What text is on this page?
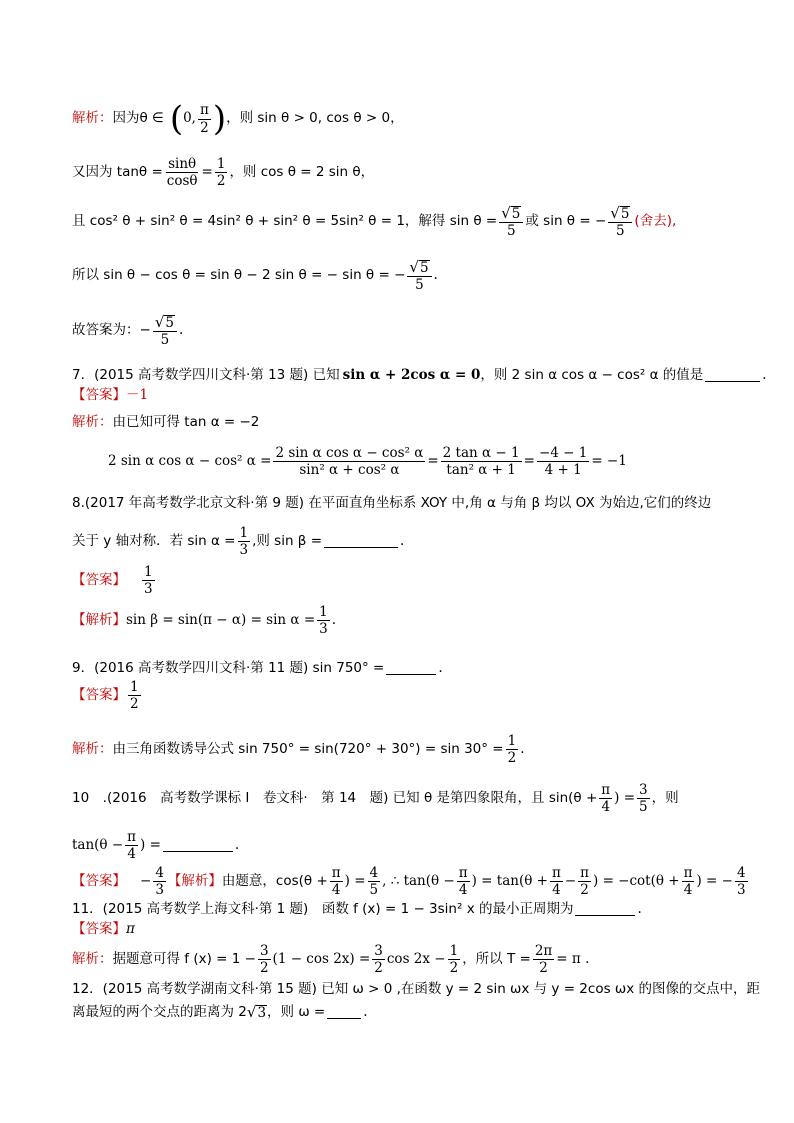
解析： 因为θ ∈ ( 0, $\frac{\pi}{2}$ ) ，则 sin θ > 0, cos θ > 0，
又因为 $\tan\theta = \frac{\sin\theta}{\cos\theta} = \frac{1}{2}$ ，则 cos θ = 2 sin θ，
且 cos² θ + sin² θ = 4sin² θ + sin² θ = 5sin² θ = 1，解得 $\sin \theta = \frac{√ 5}{5}$ 或 sin θ = − $\frac{√ 5}{5}$ (舍去),
所以 sin θ − cos θ = sin θ − 2 sin θ = − sin θ = − $\frac{√ 5}{5}$ .
故答案为：− $\frac{√ 5}{5}$ .
7．(2015 高考数学四川文科·第 13 题) 已知 sin α + 2cos α = 0 ，则 2 sin α cos α − cos² α 的值是	.
【答案】 －1
解析： 由已知可得 tan α = −2
2 sin α cos α − cos² $\alpha = \frac{\text{2 sin α cos α − cos² α}}{\text{sin² α + cos² α}} = \frac{\text{2 tan α − 1}}{\text{tan² α + 1}} = \frac{-4 - 1}{4 + 1} = -1$
8.(2017 年高考数学北京文科·第 9 题) 在平面直角坐标系 XOY 中,角 α 与角 β 均以 OX 为始边,它们的终边
关于 y 轴对称．若 $\sin \alpha = \frac{1}{3}$ ,则 sin β =	.
【答案】 $\frac{1}{3}$
【解析】 $\sin \beta = \sin(\pi - \alpha) = \sin \alpha = \frac{1}{3}$ .
9．(2016 高考数学四川文科·第 11 题) sin 750° =	.
【答案】 $\frac{1}{2}$
解析： 由三角函数诱导公式 $\sin 750^\circ = \sin(720^\circ + 30^\circ) = \sin 30^\circ = \frac{1}{2}$ .
10　.(2016　高考数学课标 I　卷文科·　第 14　题) 已知 θ 是第四象限角，且 $\sin(\theta + \frac{\pi}{4}$ ) = $\frac{3}{5}$ ，则
$\tan(\theta - \frac{\pi}{4}$ ) =	.
【答案】 − $\frac{4}{3}$ 【解析】 由题意，$\cos(\theta + \frac{\pi}{4}$ ) = $\frac{4}{5}$ , ∴ $\tan(\theta - \frac{\pi}{4}$ ) = $\tan(\theta + \frac{\pi}{4} - \frac{\pi}{2}$ ) = $-\cot(\theta + \frac{\pi}{4}$ ) = − $\frac{4}{3}$
11．(2015 高考数学上海文科·第 1 题)　函数 f (x) = 1 − 3sin² x 的最小正周期为	.
【答案】 π
解析： 据题意可得 f $(x) = 1 - \frac{3}{2} (1 - \cos 2x) = \frac{3}{2}$ $\cos 2x - \frac{1}{2}$ ，所以 $T = \frac{2\pi}{2} = \pi$ .
12．(2015 高考数学湖南文科·第 15 题) 已知 ω > 0 ,在函数 y = 2 sin ωx 与 y = 2cos ωx 的图像的交点中，距
离最短的两个交点的距离为 2 √ 3 ，则 ω =	.
